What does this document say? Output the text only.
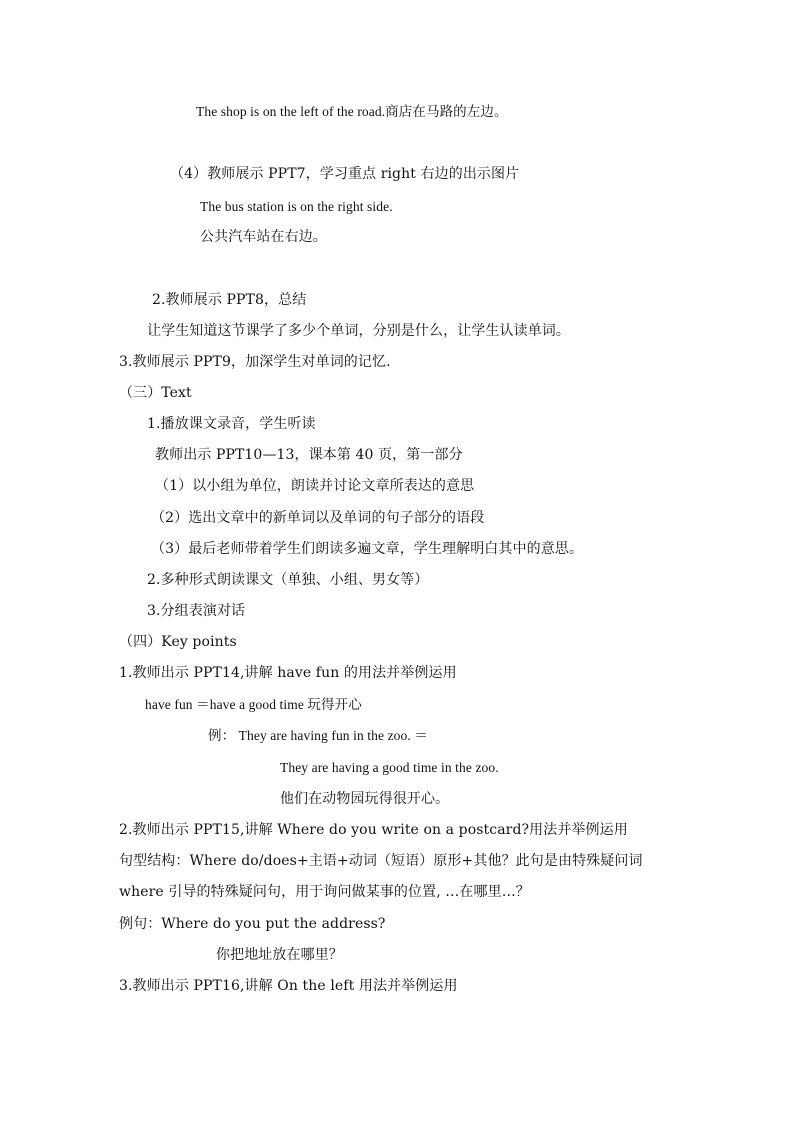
The shop is on the left of the road.商店在马路的左边。
（4）教师展示 PPT7，学习重点 right 右边的出示图片
The bus station is on the right side.
公共汽车站在右边。
2.教师展示 PPT8，总结
让学生知道这节课学了多少个单词，分别是什么，让学生认读单词。
3.教师展示 PPT9，加深学生对单词的记忆.
（三）Text
1.播放课文录音，学生听读
教师出示 PPT10—13，课本第 40 页，第一部分
（1）以小组为单位，朗读并讨论文章所表达的意思
（2）选出文章中的新单词以及单词的句子部分的语段
（3）最后老师带着学生们朗读多遍文章，学生理解明白其中的意思。
2.多种形式朗读课文（单独、小组、男女等）
3.分组表演对话
（四）Key points
1.教师出示 PPT14,讲解 have fun 的用法并举例运用
have fun ＝have a good time 玩得开心
例： They are having fun in the zoo. ＝
They are having a good time in the zoo.
他们在动物园玩得很开心。
2.教师出示 PPT15,讲解 Where do you write on a postcard?用法并举例运用
句型结构：Where do/does+主语+动词（短语）原形+其他？此句是由特殊疑问词
where 引导的特殊疑问句，用于询问做某事的位置, …在哪里…？
例句：Where do you put the address?
你把地址放在哪里？
3.教师出示 PPT16,讲解 On the left 用法并举例运用
